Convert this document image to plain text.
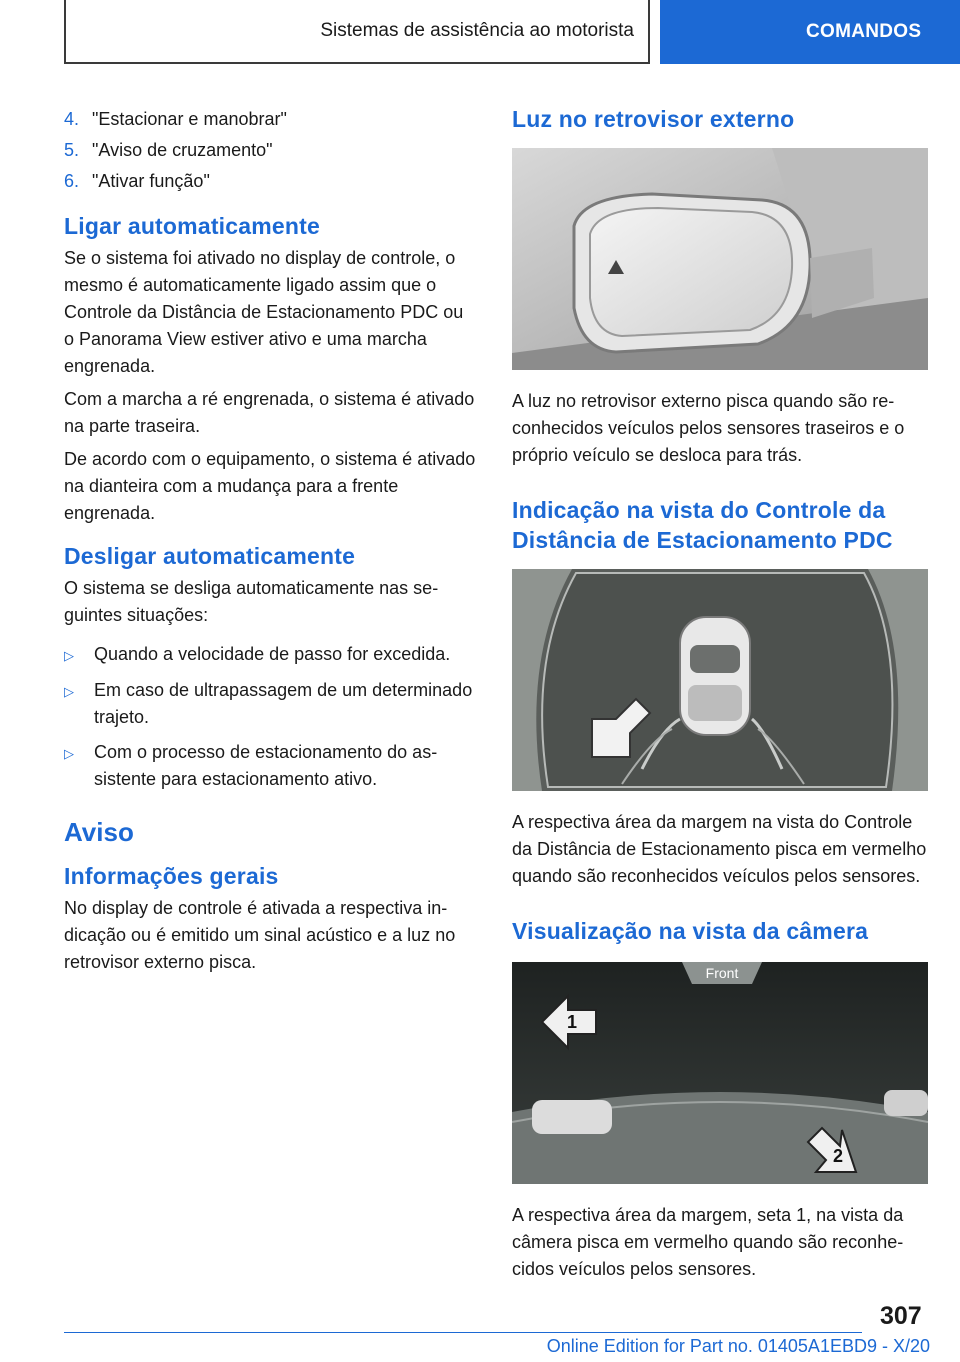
Sistemas de assistência ao motorista	COMANDOS
4. "Estacionar e manobrar"
5. "Aviso de cruzamento"
6. "Ativar função"
Ligar automaticamente

Se o sistema foi ativado no display de controle, o mesmo é automaticamente ligado assim que o Controle da Distância de Estacionamento PDC ou o Panorama View estiver ativo e uma marcha engrenada.

Com a marcha a ré engrenada, o sistema é ativado na parte traseira.

De acordo com o equipamento, o sistema é ativado na dianteira com a mudança para a frente engrenada.

Desligar automaticamente

O sistema se desliga automaticamente nas seguintes situações:

▷	Quando a velocidade de passo for excedida.
▷	Em caso de ultrapassagem de um determinado trajeto.
▷	Com o processo de estacionamento do assistente para estacionamento ativo.
Aviso
Informações gerais

No display de controle é ativada a respectiva indicação ou é emitido um sinal acústico e a luz no retrovisor externo pisca.

Luz no retrovisor externo

A luz no retrovisor externo pisca quando são reconhecidos veículos pelos sensores traseiros e o próprio veículo se desloca para trás.

Indicação na vista do Controle da Distância de Estacionamento PDC

A respectiva área da margem na vista do Controle da Distância de Estacionamento pisca em vermelho quando são reconhecidos veículos pelos sensores.

Visualização na vista da câmera
Front
1
2

A respectiva área da margem, seta 1, na vista da câmera pisca em vermelho quando são reconhecidos veículos pelos sensores.

307
Online Edition for Part no. 01405A1EBD9 - X/20
